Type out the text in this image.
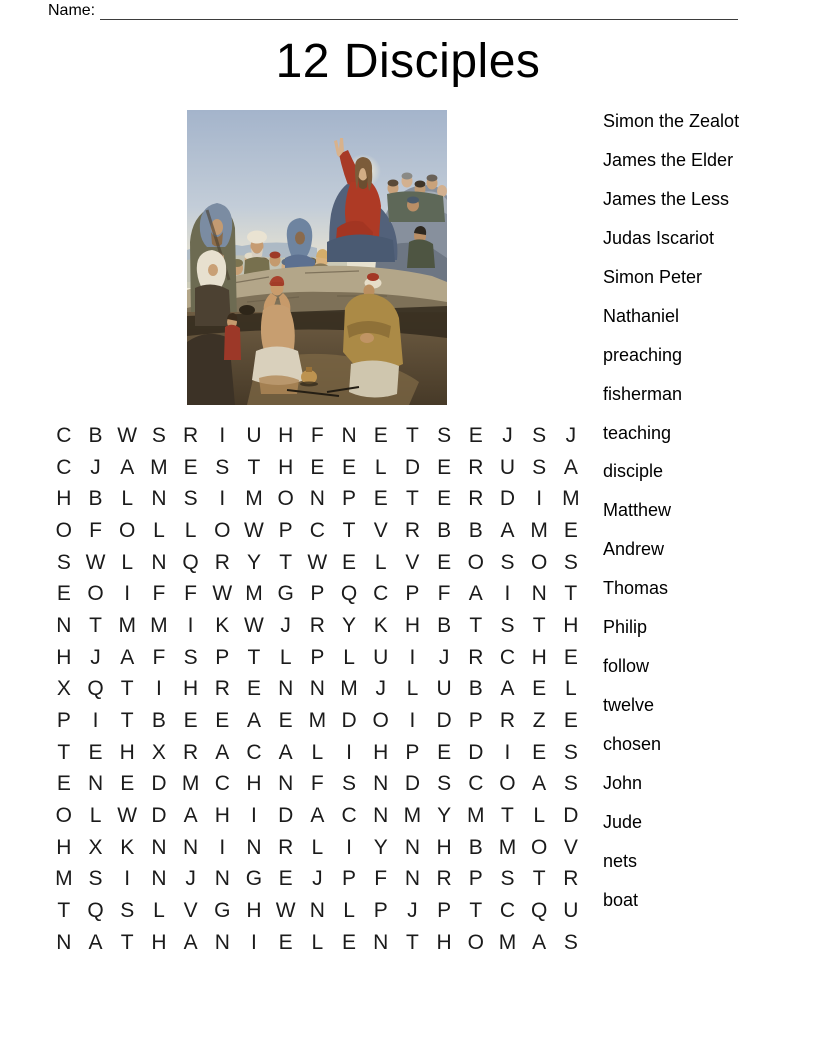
Name:
12 Disciples
Simon the Zealot
James the Elder
James the Less
Judas Iscariot
Simon Peter
Nathaniel
preaching
fisherman
teaching
disciple
Matthew
Andrew
Thomas
Philip
follow
twelve
chosen
John
Jude
nets
boat
C B W S R	I	U H F N E T S E J S J
C J A M E S T H E E L D E R U S A
H B L N S	I M O N P E T E R D	I M
O F O L L O W P C T V R B B A M E
S W L N Q R Y T W E L V E O S O S
E O I	F F W M G P Q C P F A	I	N T
N T M M I	K W J R Y K H B T S T H
H J A F S P T L P L U	I	J R C H E
X Q T	I	H R E N N M J L U B A E L
P	I	T B E E A E M D O I	D P R Z E
T E H X R A C A L	I	H P E D	I	E S
E N E D M C H N F S N D S C O A S
O L W D A H	I	D A C N M Y M T L D
H X K N N	I	N R L	I	Y N H B M O V
M S	I	N J N G E J P F N R P S T R
T Q S L V G H W N L P J P T C Q U
N A T H A N	I	E L E N T H O M A S
